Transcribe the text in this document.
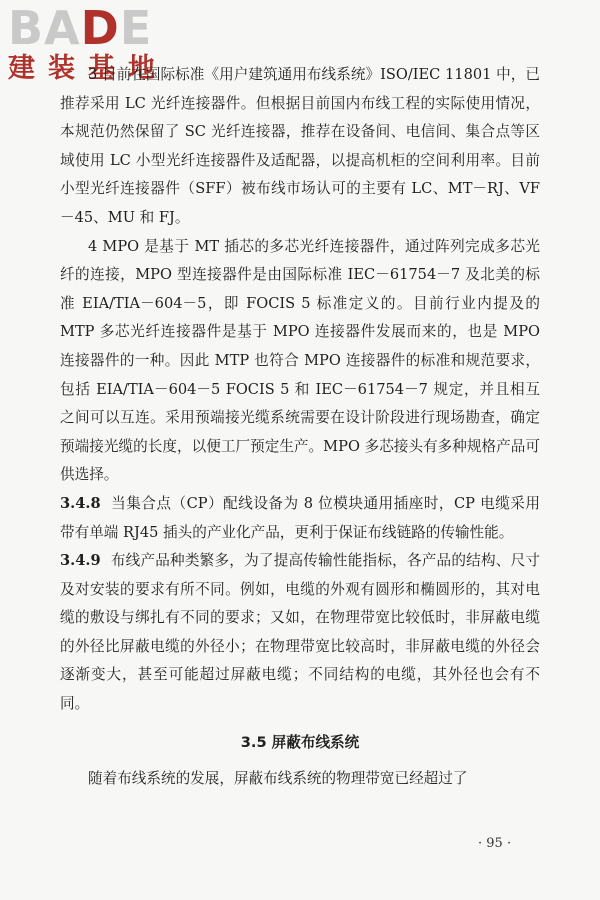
BADE
建装基地

3 目前在国际标准《用户建筑通用布线系统》ISO/IEC 11801 中，已推荐采用 LC 光纤连接器件。但根据目前国内布线工程的实际使用情况，本规范仍然保留了 SC 光纤连接器，推荐在设备间、电信间、集合点等区域使用 LC 小型光纤连接器件及适配器，以提高机柜的空间利用率。目前小型光纤连接器件（SFF）被布线市场认可的主要有 LC、MT－RJ、VF－45、MU 和 FJ。

4 MPO 是基于 MT 插芯的多芯光纤连接器件，通过阵列完成多芯光纤的连接，MPO 型连接器件是由国际标准 IEC－61754－7 及北美的标准 EIA/TIA－604－5，即 FOCIS 5 标准定义的。目前行业内提及的 MTP 多芯光纤连接器件是基于 MPO 连接器件发展而来的，也是 MPO 连接器件的一种。因此 MTP 也符合 MPO 连接器件的标准和规范要求，包括 EIA/TIA－604－5 FOCIS 5 和 IEC－61754－7 规定，并且相互之间可以互连。采用预端接光缆系统需要在设计阶段进行现场勘查，确定预端接光缆的长度，以便工厂预定生产。MPO 多芯接头有多种规格产品可供选择。

3.4.8 当集合点（CP）配线设备为 8 位模块通用插座时，CP 电缆采用带有单端 RJ45 插头的产业化产品，更利于保证布线链路的传输性能。

3.4.9 布线产品种类繁多，为了提高传输性能指标，各产品的结构、尺寸及对安装的要求有所不同。例如，电缆的外观有圆形和椭圆形的，其对电缆的敷设与绑扎有不同的要求；又如，在物理带宽比较低时，非屏蔽电缆的外径比屏蔽电缆的外径小；在物理带宽比较高时，非屏蔽电缆的外径会逐渐变大，甚至可能超过屏蔽电缆；不同结构的电缆，其外径也会有不同。

3.5 屏蔽布线系统

随着布线系统的发展，屏蔽布线系统的物理带宽已经超过了

· 95 ·
